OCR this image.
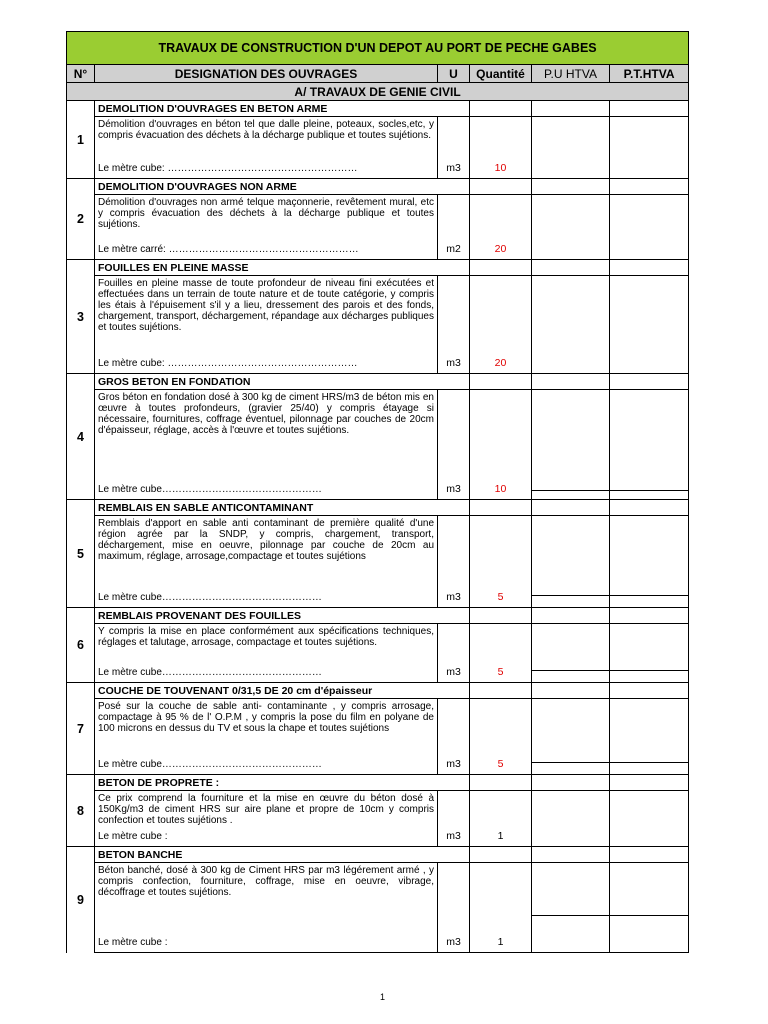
TRAVAUX DE CONSTRUCTION D'UN DEPOT AU PORT DE PECHE GABES					
N°	DESIGNATION DES OUVRAGES	U	Quantité	P.U HTVA	P.T.HTVA
A/ TRAVAUX DE GENIE CIVIL					
1	DEMOLITION D'OUVRAGES EN BETON ARME				

	Démolition d'ouvrages en béton tel que dalle pleine, poteaux, socles,etc, y compris évacuation des déchets à la décharge publique et toutes sujétions.
Le mètre cube: …………………………………………………	m3	10		
2	DEMOLITION D'OUVRAGES NON ARME				

	Démolition d'ouvrages non armé telque maçonnerie, revêtement mural, etc y compris évacuation des déchets à la décharge publique et toutes sujétions.
Le mètre carré: …………………………………………………	m2	20		
3	FOUILLES EN PLEINE MASSE				

	Fouilles en pleine masse de toute profondeur de niveau fini exécutées et effectuées dans un terrain de toute nature et de toute catégorie, y compris les étais à l'épuisement s'il y a lieu, dressement des parois et des fonds, chargement, transport, déchargement, répandage aux décharges publiques et toutes sujétions.
Le mètre cube: …………………………………………………	m3	20		
4	GROS BETON EN FONDATION				

	Gros béton en fondation dosé à 300 kg de ciment HRS/m3 de béton mis en œuvre à toutes profondeurs, (gravier 25/40) y compris étayage si nécessaire, fournitures, coffrage éventuel, pilonnage par couches de 20cm d'épaisseur, réglage, accès à l'œuvre et toutes sujétions.
Le mètre cube…………………………………………	m3	10	

5	REMBLAIS EN SABLE ANTICONTAMINANT				

	Remblais d'apport en sable anti contaminant de première qualité d'une région agrée par la SNDP, y compris, chargement, transport, déchargement, mise en oeuvre, pilonnage par couche de 20cm au maximum, réglage, arrosage,compactage et toutes sujétions
Le mètre cube…………………………………………	m3	5	

6	REMBLAIS PROVENANT DES FOUILLES				

	Y compris la mise en place conformément aux spécifications techniques, réglages et talutage, arrosage, compactage et toutes sujétions.
Le mètre cube…………………………………………	m3	5	

7	COUCHE DE TOUVENANT 0/31,5 DE 20 cm d'épaisseur				

	Posé sur la couche de sable anti- contaminante , y compris arrosage, compactage à 95 % de l' O.P.M , y compris la pose du film en polyane de 100 microns en dessus du TV et sous la chape et toutes sujétions
Le mètre cube…………………………………………	m3	5	

8	BETON DE PROPRETE :				

	Ce prix comprend la fourniture et la mise en œuvre du béton dosé à 150Kg/m3 de ciment HRS sur aire plane et propre de 10cm y compris confection et toutes sujétions .
Le mètre cube :	m3	1		
9	BETON BANCHE				

	Béton banché, dosé à 300 kg de Ciment HRS par m3 légérement armé , y compris confection, fourniture, coffrage, mise en oeuvre, vibrage, décoffrage et toutes sujétions.
Le mètre cube :	m3	1	

1
